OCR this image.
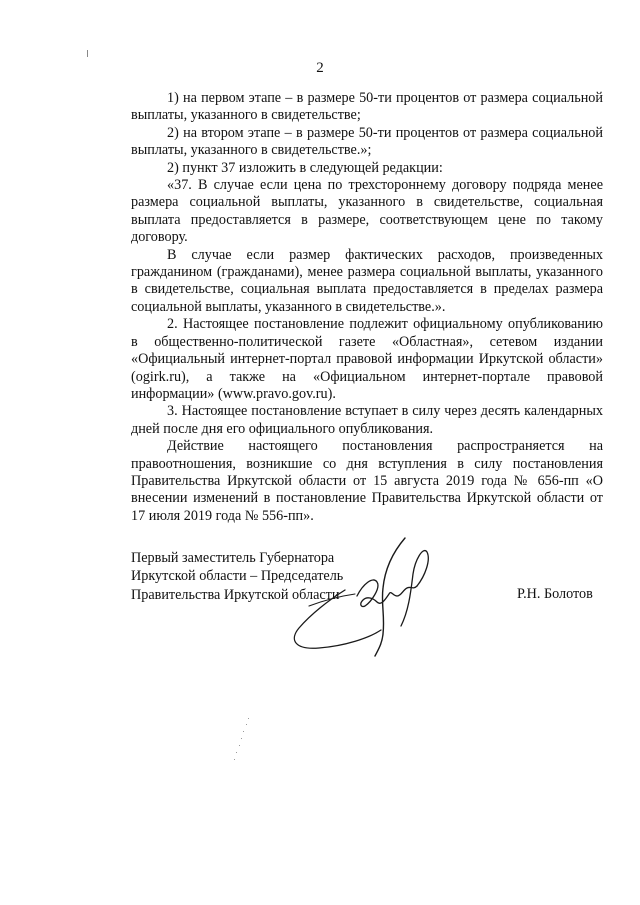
2

1) на первом этапе – в размере 50-ти процентов от размера социальной выплаты, указанного в свидетельстве;

2) на втором этапе – в размере 50-ти процентов от размера социальной выплаты, указанного в свидетельстве.»;

2) пункт 37 изложить в следующей редакции:

«37. В случае если цена по трехстороннему договору подряда менее размера социальной выплаты, указанного в свидетельстве, социальная выплата предоставляется в размере, соответствующем цене по такому договору.

В случае если размер фактических расходов, произведенных гражданином (гражданами), менее размера социальной выплаты, указанного в свидетельстве, социальная выплата предоставляется в пределах размера социальной выплаты, указанного в свидетельстве.».

2. Настоящее постановление подлежит официальному опубликованию в общественно-политической газете «Областная», сетевом издании «Официальный интернет-портал правовой информации Иркутской области» (ogirk.ru), а также на «Официальном интернет-портале правовой информации» (www.pravo.gov.ru).

3. Настоящее постановление вступает в силу через десять календарных дней после дня его официального опубликования.

Действие настоящего постановления распространяется на правоотношения, возникшие со дня вступления в силу постановления Правительства Иркутской области от 15 августа 2019 года № 656-пп «О внесении изменений в постановление Правительства Иркутской области от 17 июля 2019 года № 556-пп».

Первый заместитель Губернатора
Иркутской области – Председатель
Правительства Иркутской области	Р.Н. Болотов
